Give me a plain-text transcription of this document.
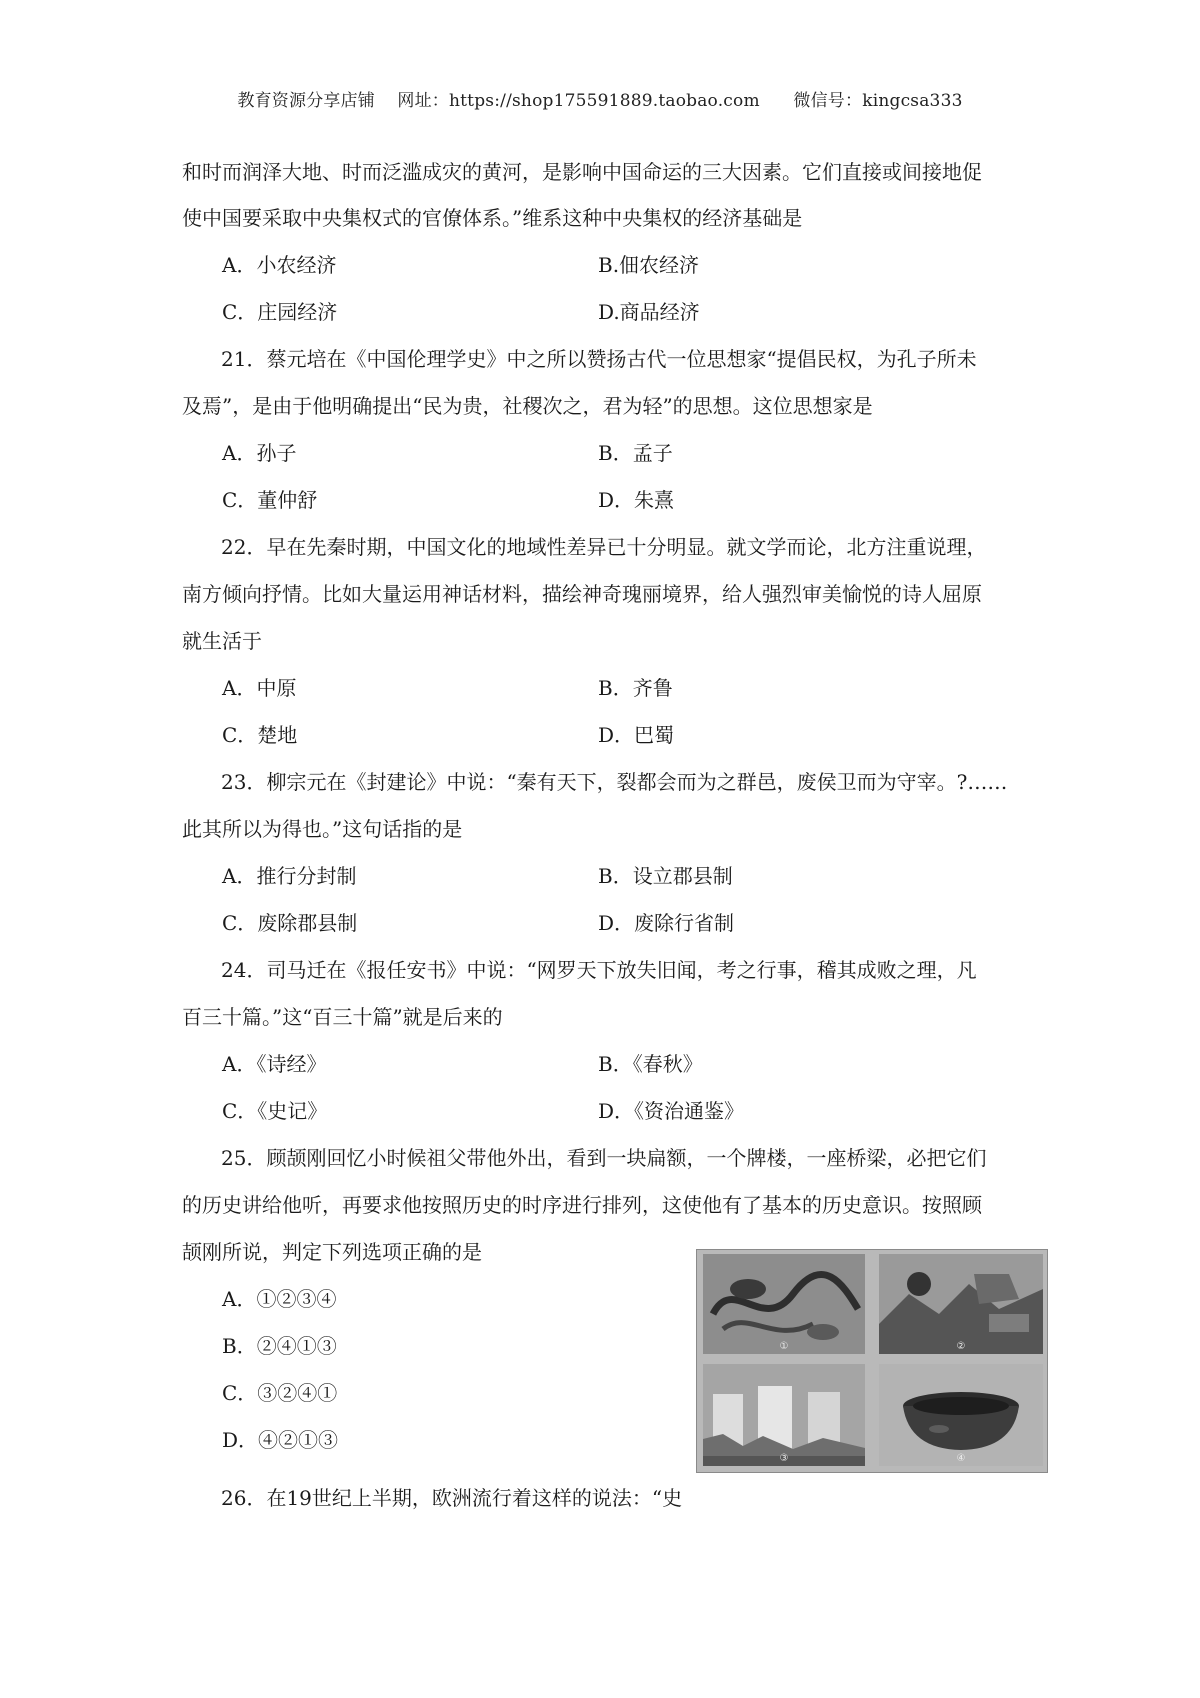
教育资源分享店铺    网址：https://shop175591889.taobao.com      微信号：kingcsa333
和时而润泽大地、时而泛滥成灾的黄河，是影响中国命运的三大因素。它们直接或间接地促
使中国要采取中央集权式的官僚体系。”维系这种中央集权的经济基础是
A．小农经济	B.佃农经济
C．庄园经济	D.商品经济
21．蔡元培在《中国伦理学史》中之所以赞扬古代一位思想家“提倡民权，为孔子所未
及焉”，是由于他明确提出“民为贵，社稷次之，君为轻”的思想。这位思想家是
A．孙子	B．孟子
C．董仲舒	D．朱熹
22．早在先秦时期，中国文化的地域性差异已十分明显。就文学而论，北方注重说理，
南方倾向抒情。比如大量运用神话材料，描绘神奇瑰丽境界，给人强烈审美愉悦的诗人屈原
就生活于
A．中原	B．齐鲁
C．楚地	D．巴蜀
23．柳宗元在《封建论》中说：“秦有天下，裂都会而为之群邑，废侯卫而为守宰。?……
此其所以为得也。”这句话指的是
A．推行分封制	B．设立郡县制
C．废除郡县制	D．废除行省制
24．司马迁在《报任安书》中说：“网罗天下放失旧闻，考之行事，稽其成败之理，凡
百三十篇。”这“百三十篇”就是后来的
A．《诗经》	B．《春秋》
C．《史记》	D．《资治通鉴》
25．顾颉刚回忆小时候祖父带他外出，看到一块扁额，一个牌楼，一座桥梁，必把它们
的历史讲给他听，再要求他按照历史的时序进行排列，这使他有了基本的历史意识。按照顾
颉刚所说，判定下列选项正确的是
A．①②③④
B．②④①③
C．③②④①
D．④②①③
①	②
③	④
26．在19世纪上半期，欧洲流行着这样的说法：“史
